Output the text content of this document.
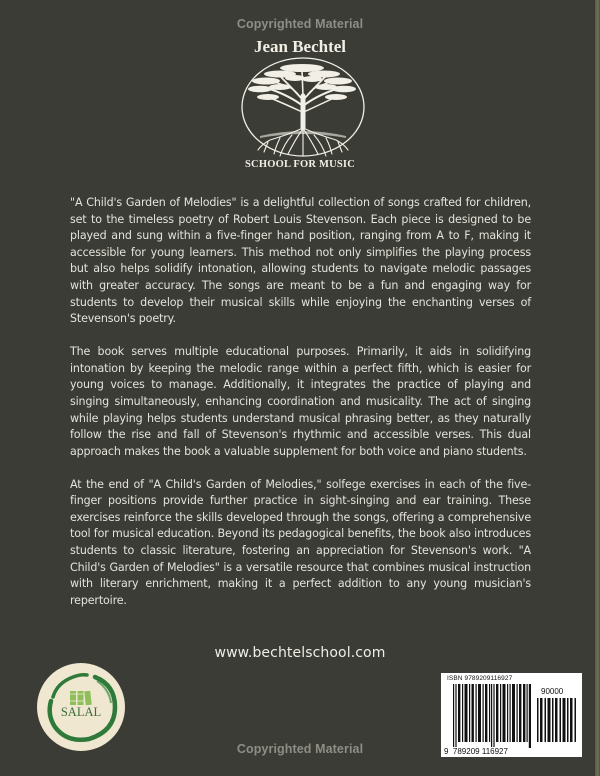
Copyrighted Material
Jean Bechtel
SCHOOL FOR MUSIC

"A Child's Garden of Melodies" is a delightful collection of songs crafted for children, set to the timeless poetry of Robert Louis Stevenson. Each piece is designed to be played and sung within a five-finger hand position, ranging from A to F, making it accessible for young learners. This method not only simplifies the playing process but also helps solidify intonation, allowing students to navigate melodic passages with greater accuracy. The songs are meant to be a fun and engaging way for students to develop their musical skills while enjoying the enchanting verses of Stevenson's poetry.

The book serves multiple educational purposes. Primarily, it aids in solidifying intonation by keeping the melodic range within a perfect fifth, which is easier for young voices to manage. Additionally, it integrates the practice of playing and singing simultaneously, enhancing coordination and musicality. The act of singing while playing helps students understand musical phrasing better, as they naturally follow the rise and fall of Stevenson's rhythmic and accessible verses. This dual approach makes the book a valuable supplement for both voice and piano students.

At the end of "A Child's Garden of Melodies," solfege exercises in each of the five-finger positions provide further practice in sight-singing and ear training. These exercises reinforce the skills developed through the songs, offering a comprehensive tool for musical education. Beyond its pedagogical benefits, the book also introduces students to classic literature, fostering an appreciation for Stevenson's work. "A Child's Garden of Melodies" is a versatile resource that combines musical instruction with literary enrichment, making it a perfect addition to any young musician's repertoire.

www.bechtelschool.com
SALAL
ISBN 9789209116927
90000
9 789209 116927
Copyrighted Material
